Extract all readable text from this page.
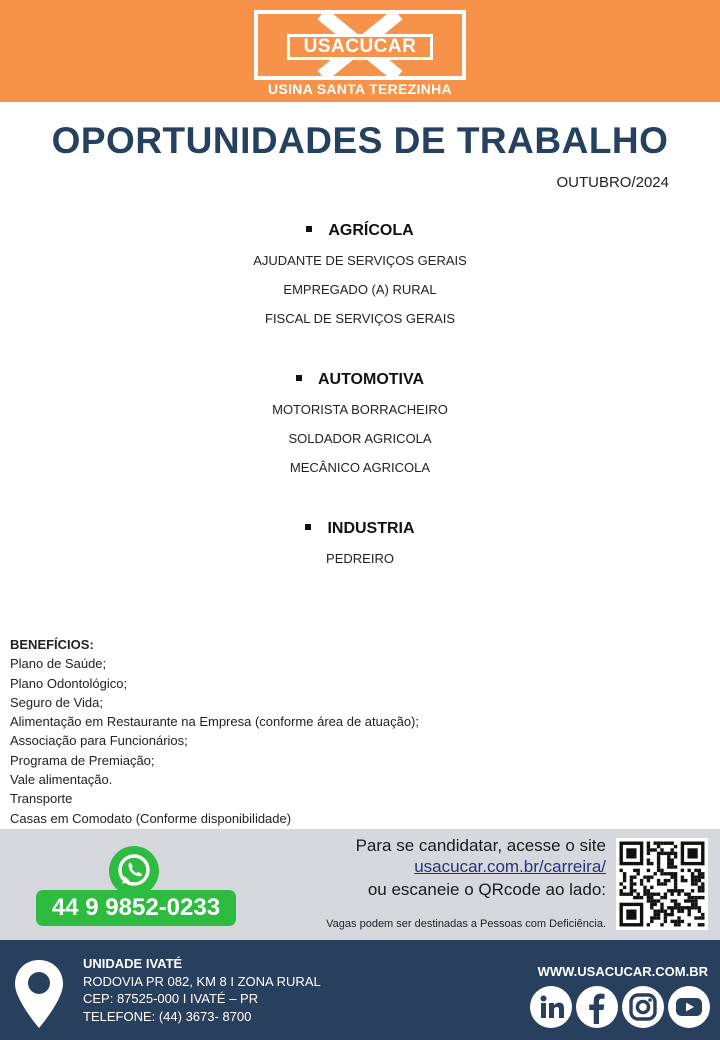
USACUCAR
USINA SANTA TEREZINHA
OPORTUNIDADES DE TRABALHO
OUTUBRO/2024
AGRÍCOLA
AJUDANTE DE SERVIÇOS GERAIS
EMPREGADO (A) RURAL
FISCAL DE SERVIÇOS GERAIS
AUTOMOTIVA
MOTORISTA BORRACHEIRO
SOLDADOR AGRICOLA
MECÂNICO AGRICOLA
INDUSTRIA
PEDREIRO
BENEFÍCIOS:
Plano de Saúde;
Plano Odontológico;
Seguro de Vida;
Alimentação em Restaurante na Empresa (conforme área de atuação);
Associação para Funcionários;
Programa de Premiação;
Vale alimentação.
Transporte
Casas em Comodato (Conforme disponibilidade)
44 9 9852-0233
Para se candidatar, acesse o site
usacucar.com.br/carreira/
ou escaneie o QRcode ao lado:
Vagas podem ser destinadas a Pessoas com Deficiência.
UNIDADE IVATÉ
RODOVIA PR 082, KM 8 I ZONA RURAL
CEP: 87525-000 I IVATÉ – PR
TELEFONE: (44) 3673- 8700
WWW.USACUCAR.COM.BR
